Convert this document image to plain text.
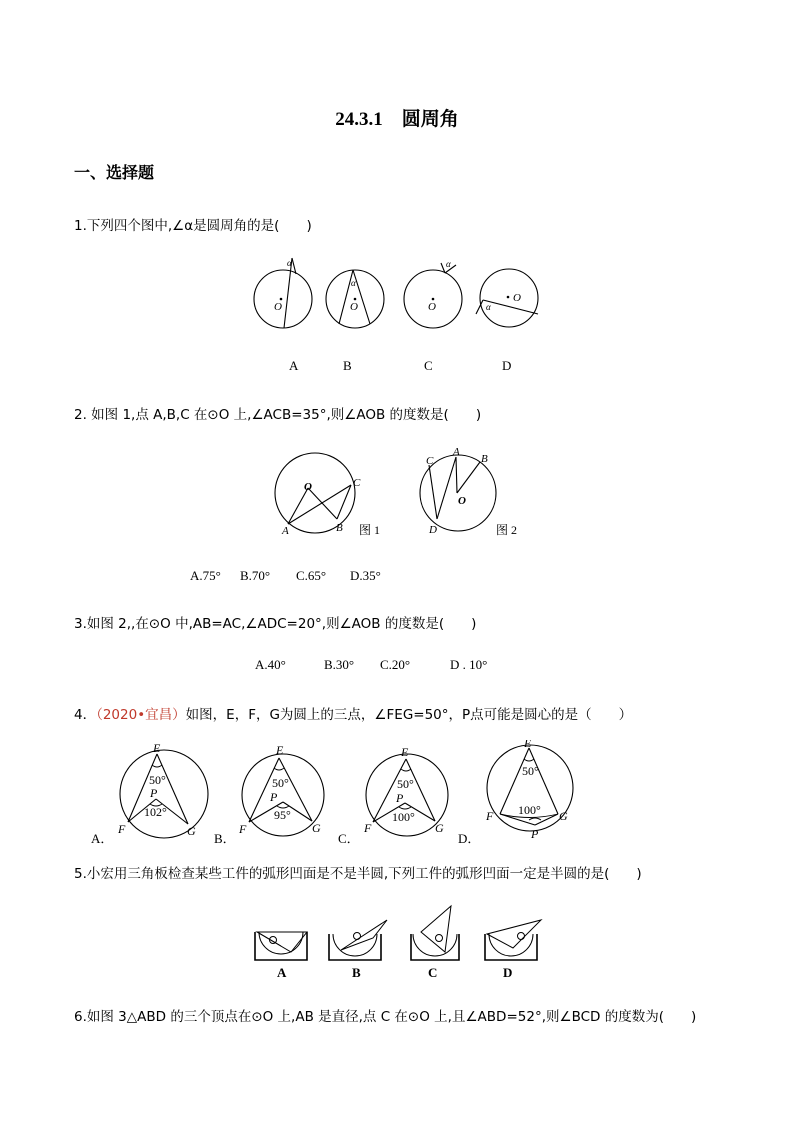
24.3.1　圆周角
一、选择题
1.下列四个图中,∠α是圆周角的是(　　)
α
O
α
O
α
O	α
O
A	B	C	D
2. 如图 1,点 A,B,C 在⊙O 上,∠ACB=35°,则∠AOB 的度数是(　　)
O	C
A	B 图 1
C
A
B
D
O
图 2
A.75° B.70° C.65° D.35°
3.如图 2,,在⊙O 中,AB=AC,∠ADC=20°,则∠AOB 的度数是(　　)
A.40°	B.30° C.20°	D . 10°
4．（2020•宜昌）如图，E，F，G为圆上的三点，∠FEG=50°，P点可能是圆心的是（　　）
E
50°
P
102°
F	G
A．
E
50°
P
95°
F	G
B．
E
50°
P
100°
F	G
C．
E
50°
100°
P
F	G
D．
5.小宏用三角板检查某些工件的弧形凹面是不是半圆,下列工件的弧形凹面一定是半圆的是(　　)
A	B	C	D
6.如图 3△ABD 的三个顶点在⊙O 上,AB 是直径,点 C 在⊙O 上,且∠ABD=52°,则∠BCD 的度数为(　　)
